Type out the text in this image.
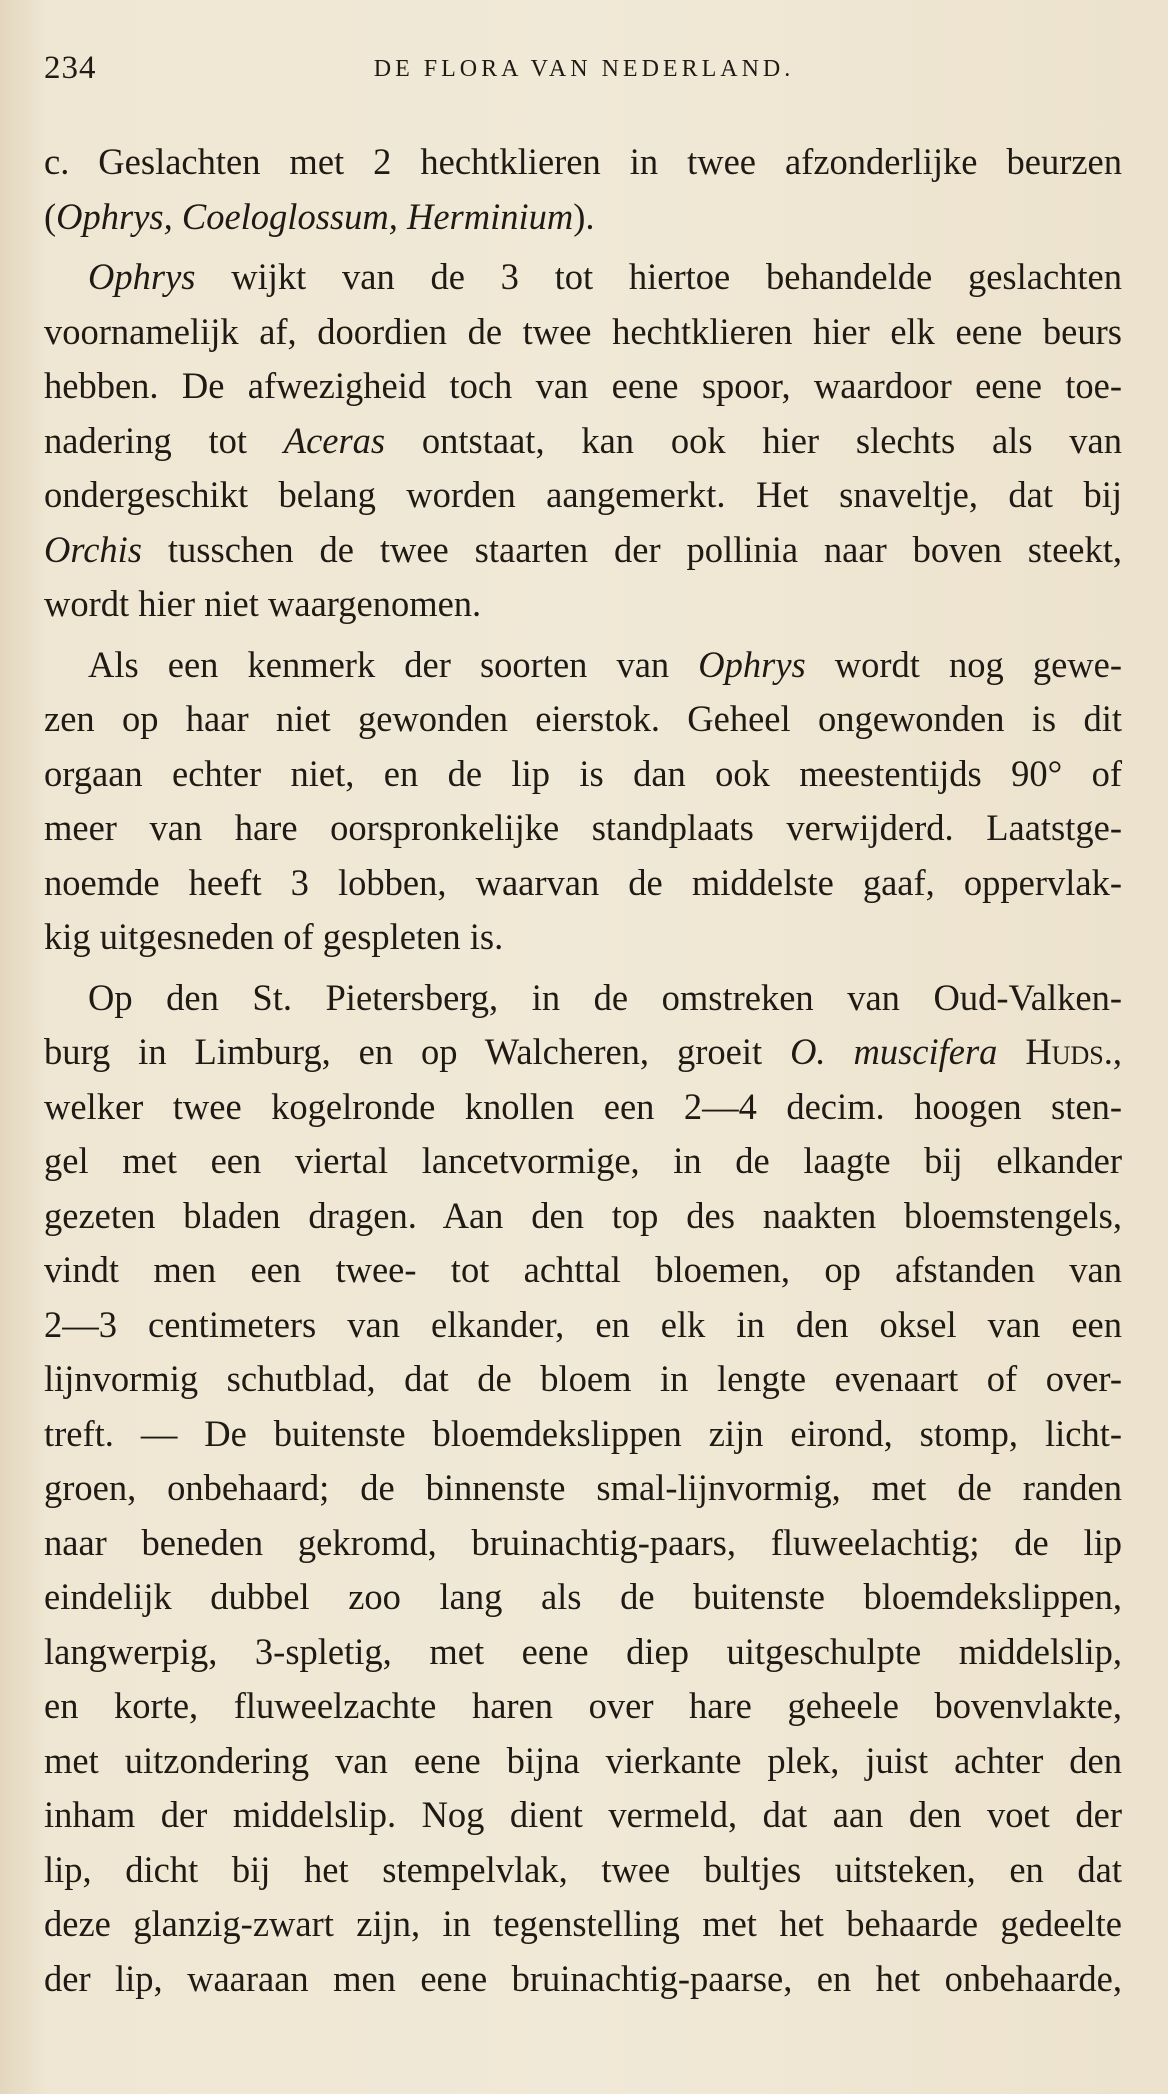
234	DE FLORA VAN NEDERLAND.

c. Geslachten met 2 hechtklieren in twee afzonderlijke beurzen
(Ophrys, Coeloglossum, Herminium).

Ophrys wijkt van de 3 tot hiertoe behandelde geslachten
voornamelijk af, doordien de twee hechtklieren hier elk eene beurs
hebben. De afwezigheid toch van eene spoor, waardoor eene toe-
nadering tot Aceras ontstaat, kan ook hier slechts als van
ondergeschikt belang worden aangemerkt. Het snaveltje, dat bij
Orchis tusschen de twee staarten der pollinia naar boven steekt,
wordt hier niet waargenomen.

Als een kenmerk der soorten van Ophrys wordt nog gewe-
zen op haar niet gewonden eierstok. Geheel ongewonden is dit
orgaan echter niet, en de lip is dan ook meestentijds 90° of
meer van hare oorspronkelijke standplaats verwijderd. Laatstge-
noemde heeft 3 lobben, waarvan de middelste gaaf, oppervlak-
kig uitgesneden of gespleten is.

Op den St. Pietersberg, in de omstreken van Oud-Valken-
burg in Limburg, en op Walcheren, groeit O. muscifera Huds.,
welker twee kogelronde knollen een 2—4 decim. hoogen sten-
gel met een viertal lancetvormige, in de laagte bij elkander
gezeten bladen dragen. Aan den top des naakten bloemstengels,
vindt men een twee- tot achttal bloemen, op afstanden van
2—3 centimeters van elkander, en elk in den oksel van een
lijnvormig schutblad, dat de bloem in lengte evenaart of over-
treft. — De buitenste bloemdekslippen zijn eirond, stomp, licht-
groen, onbehaard; de binnenste smal-lijnvormig, met de randen
naar beneden gekromd, bruinachtig-paars, fluweelachtig; de lip
eindelijk dubbel zoo lang als de buitenste bloemdekslippen,
langwerpig, 3-spletig, met eene diep uitgeschulpte middelslip,
en korte, fluweelzachte haren over hare geheele bovenvlakte,
met uitzondering van eene bijna vierkante plek, juist achter den
inham der middelslip. Nog dient vermeld, dat aan den voet der
lip, dicht bij het stempelvlak, twee bultjes uitsteken, en dat
deze glanzig-zwart zijn, in tegenstelling met het behaarde gedeelte
der lip, waaraan men eene bruinachtig-paarse, en het onbehaarde,
